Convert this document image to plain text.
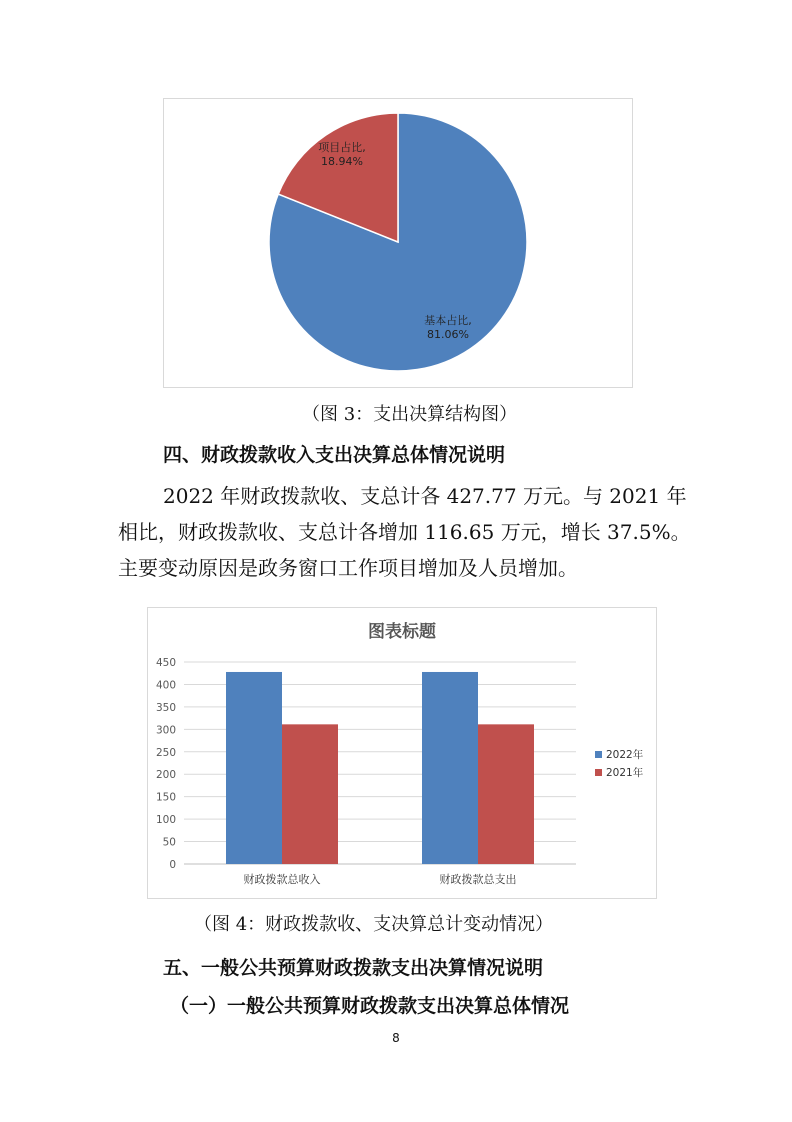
基本占比,
81.06%
项目占比,
18.94%
（图 3：支出决算结构图）
四、财政拨款收入支出决算总体情况说明
2022 年财政拨款收、支总计各 427.77 万元。与 2021 年
相比，财政拨款收、支总计各增加 116.65 万元，增长 37.5%。
主要变动原因是政务窗口工作项目增加及人员增加。
图表标题
0
50
100
150
200
250
300
350
400
450
财政拨款总收入	财政拨款总支出
2022年
2021年
（图 4：财政拨款收、支决算总计变动情况）
五、一般公共预算财政拨款支出决算情况说明
（一）一般公共预算财政拨款支出决算总体情况
8
